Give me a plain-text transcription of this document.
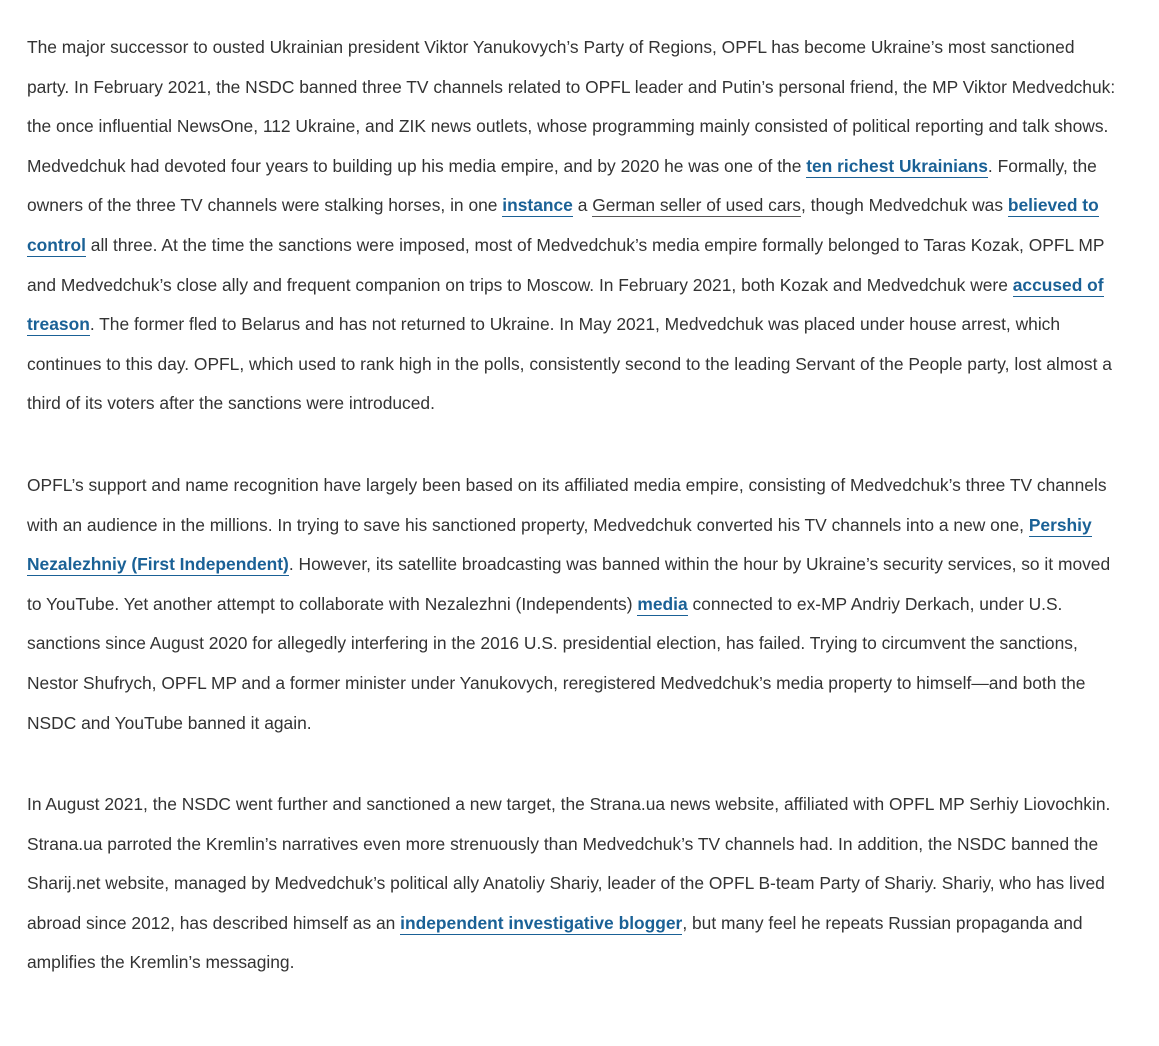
The major successor to ousted Ukrainian president Viktor Yanukovych’s Party of Regions, OPFL has become Ukraine’s most sanctioned party. In February 2021, the NSDC banned three TV channels related to OPFL leader and Putin’s personal friend, the MP Viktor Medvedchuk: the once influential NewsOne, 112 Ukraine, and ZIK news outlets, whose programming mainly consisted of political reporting and talk shows. Medvedchuk had devoted four years to building up his media empire, and by 2020 he was one of the ten richest Ukrainians. Formally, the owners of the three TV channels were stalking horses, in one instance a German seller of used cars, though Medvedchuk was believed to control all three. At the time the sanctions were imposed, most of Medvedchuk’s media empire formally belonged to Taras Kozak, OPFL MP and Medvedchuk’s close ally and frequent companion on trips to Moscow. In February 2021, both Kozak and Medvedchuk were accused of treason. The former fled to Belarus and has not returned to Ukraine. In May 2021, Medvedchuk was placed under house arrest, which continues to this day. OPFL, which used to rank high in the polls, consistently second to the leading Servant of the People party, lost almost a third of its voters after the sanctions were introduced.

OPFL’s support and name recognition have largely been based on its affiliated media empire, consisting of Medvedchuk’s three TV channels with an audience in the millions. In trying to save his sanctioned property, Medvedchuk converted his TV channels into a new one, Pershiy Nezalezhniy (First Independent). However, its satellite broadcasting was banned within the hour by Ukraine’s security services, so it moved to YouTube. Yet another attempt to collaborate with Nezalezhni (Independents) media connected to ex-MP Andriy Derkach, under U.S. sanctions since August 2020 for allegedly interfering in the 2016 U.S. presidential election, has failed. Trying to circumvent the sanctions, Nestor Shufrych, OPFL MP and a former minister under Yanukovych, reregistered Medvedchuk’s media property to himself—and both the NSDC and YouTube banned it again.

In August 2021, the NSDC went further and sanctioned a new target, the Strana.ua news website, affiliated with OPFL MP Serhiy Liovochkin. Strana.ua parroted the Kremlin’s narratives even more strenuously than Medvedchuk’s TV channels had. In addition, the NSDC banned the Sharij.net website, managed by Medvedchuk’s political ally Anatoliy Shariy, leader of the OPFL B-team Party of Shariy. Shariy, who has lived abroad since 2012, has described himself as an independent investigative blogger, but many feel he repeats Russian propaganda and amplifies the Kremlin’s messaging.
